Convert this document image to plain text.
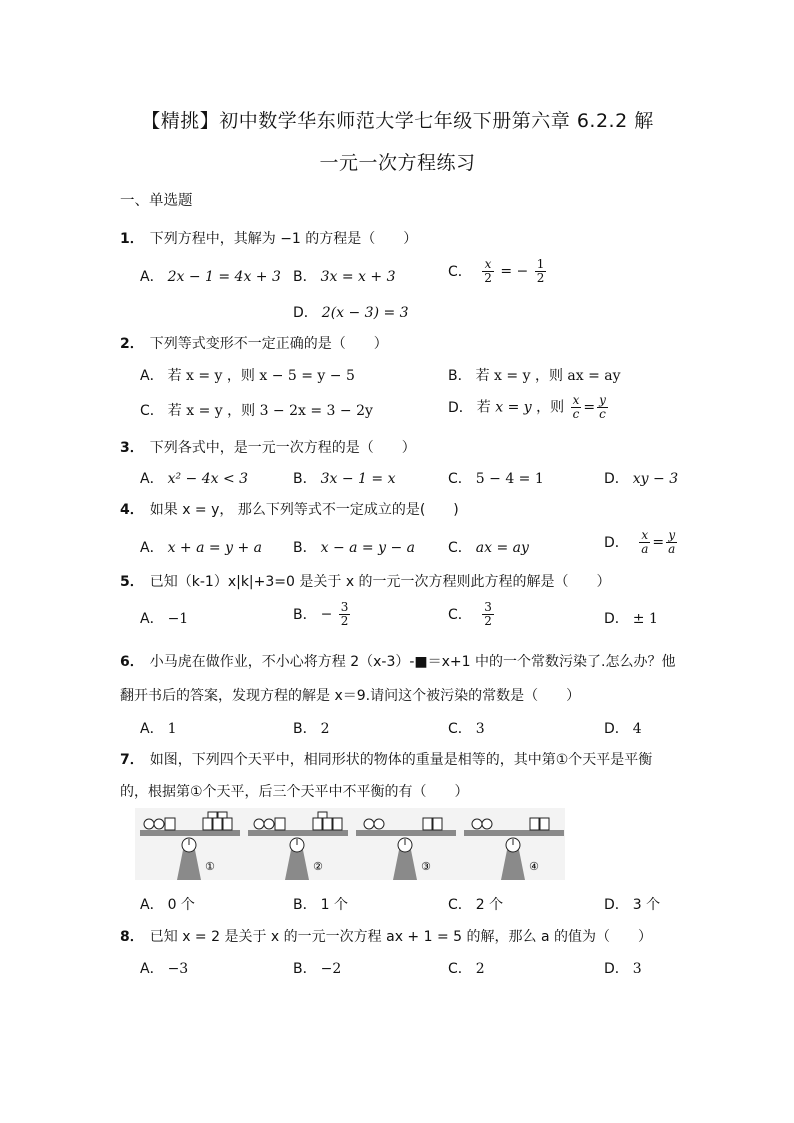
【精挑】初中数学华东师范大学七年级下册第六章 6.2.2 解
一元一次方程练习
一、单选题
1． 下列方程中，其解为 −1 的方程是（　　）
A． 2x − 1 = 4x + 3 B． 3x = x + 3	C． $\frac{x}{2}$ = − $\frac{1}{2}$
D． 2(x − 3) = 3
2． 下列等式变形不一定正确的是（　　）
A． 若 x = y ，则 x − 5 = y − 5	B． 若 x = y ，则 ax = ay
C． 若 x = y ，则 3 − 2x = 3 − 2y	D． 若 x = y ，则 $\frac{x}{c} = \frac{y}{c}$
3． 下列各式中，是一元一次方程的是（　　）
A． x² − 4x < 3	B． 3x − 1 = x	C． 5 − 4 = 1	D． xy − 3
4． 如果 x = y， 那么下列等式不一定成立的是(　　)
A． x + a = y + a B． x − a = y − a C． ax = ay	D． $\frac{x}{a} = \frac{y}{a}$
5． 已知（k-1）x|k|+3=0 是关于 x 的一元一次方程则此方程的解是（　　）
A． −1	B． − $\frac{3}{2}$	C． $\frac{3}{2}$	D． ± 1
6． 小马虎在做作业，不小心将方程 2（x-3）-■＝x+1 中的一个常数污染了.怎么办？他
翻开书后的答案，发现方程的解是 x＝9.请问这个被污染的常数是（　　）
A． 1	B． 2	C． 3	D． 4
7． 如图，下列四个天平中，相同形状的物体的重量是相等的，其中第①个天平是平衡
的，根据第①个天平，后三个天平中不平衡的有（　　）
①	②	③	④
A． 0 个	B． 1 个	C． 2 个	D． 3 个
8． 已知 x = 2 是关于 x 的一元一次方程 ax + 1 = 5 的解，那么 a 的值为（　　）
A． −3	B． −2	C． 2	D． 3
